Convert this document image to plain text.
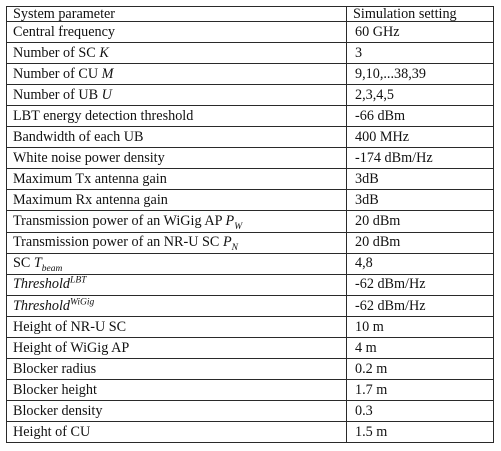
System parameter	Simulation setting
Central frequency	60 GHz
Number of SC K	3
Number of CU M	9,10,...38,39
Number of UB U	2,3,4,5
LBT energy detection threshold	-66 dBm
Bandwidth of each UB	400 MHz
White noise power density	-174 dBm/Hz
Maximum Tx antenna gain	3dB
Maximum Rx antenna gain	3dB
Transmission power of an WiGig AP $P_W$	20 dBm
Transmission power of an NR-U SC $P_N$	20 dBm
SC $T_{beam}$	4,8
Threshold$^{LBT}$	-62 dBm/Hz
Threshold$^{WiGig}$	-62 dBm/Hz
Height of NR-U SC	10 m
Height of WiGig AP	4 m
Blocker radius	0.2 m
Blocker height	1.7 m
Blocker density	0.3
Height of CU	1.5 m
